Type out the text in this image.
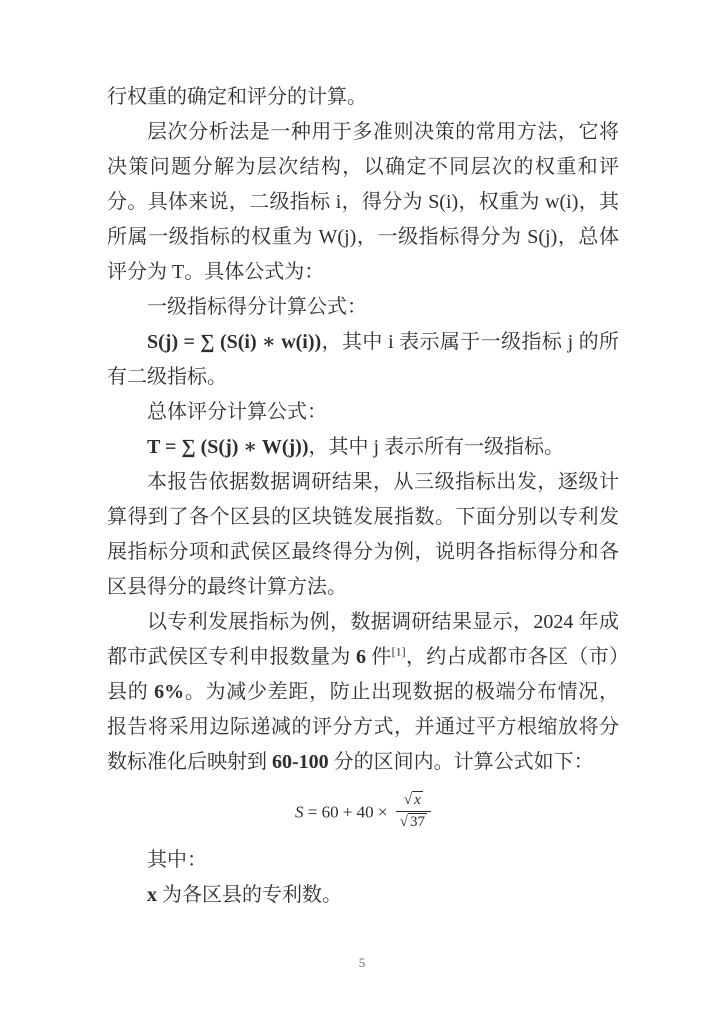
行权重的确定和评分的计算。

层次分析法是一种用于多准则决策的常用方法，它将决策问题分解为层次结构，以确定不同层次的权重和评分。具体来说，二级指标 i，得分为 S(i)，权重为 w(i)，其所属一级指标的权重为 W(j)，一级指标得分为 S(j)，总体评分为 T。具体公式为：

一级指标得分计算公式：

S(j) = ∑ (S(i) ∗ w(i))，其中 i 表示属于一级指标 j 的所有二级指标。

总体评分计算公式：

T = ∑ (S(j) ∗ W(j))，其中 j 表示所有一级指标。

本报告依据数据调研结果，从三级指标出发，逐级计算得到了各个区县的区块链发展指数。下面分别以专利发展指标分项和武侯区最终得分为例，说明各指标得分和各区县得分的最终计算方法。

以专利发展指标为例，数据调研结果显示，2024 年成都市武侯区专利申报数量为 6 件[1]，约占成都市各区（市）县的 6%。为减少差距，防止出现数据的极端分布情况，报告将采用边际递减的评分方式，并通过平方根缩放将分数标准化后映射到 60-100 分的区间内。计算公式如下：

$S = 60 + 40 \times \frac{√ x}{√ 37}$

其中：

x 为各区县的专利数。

5
